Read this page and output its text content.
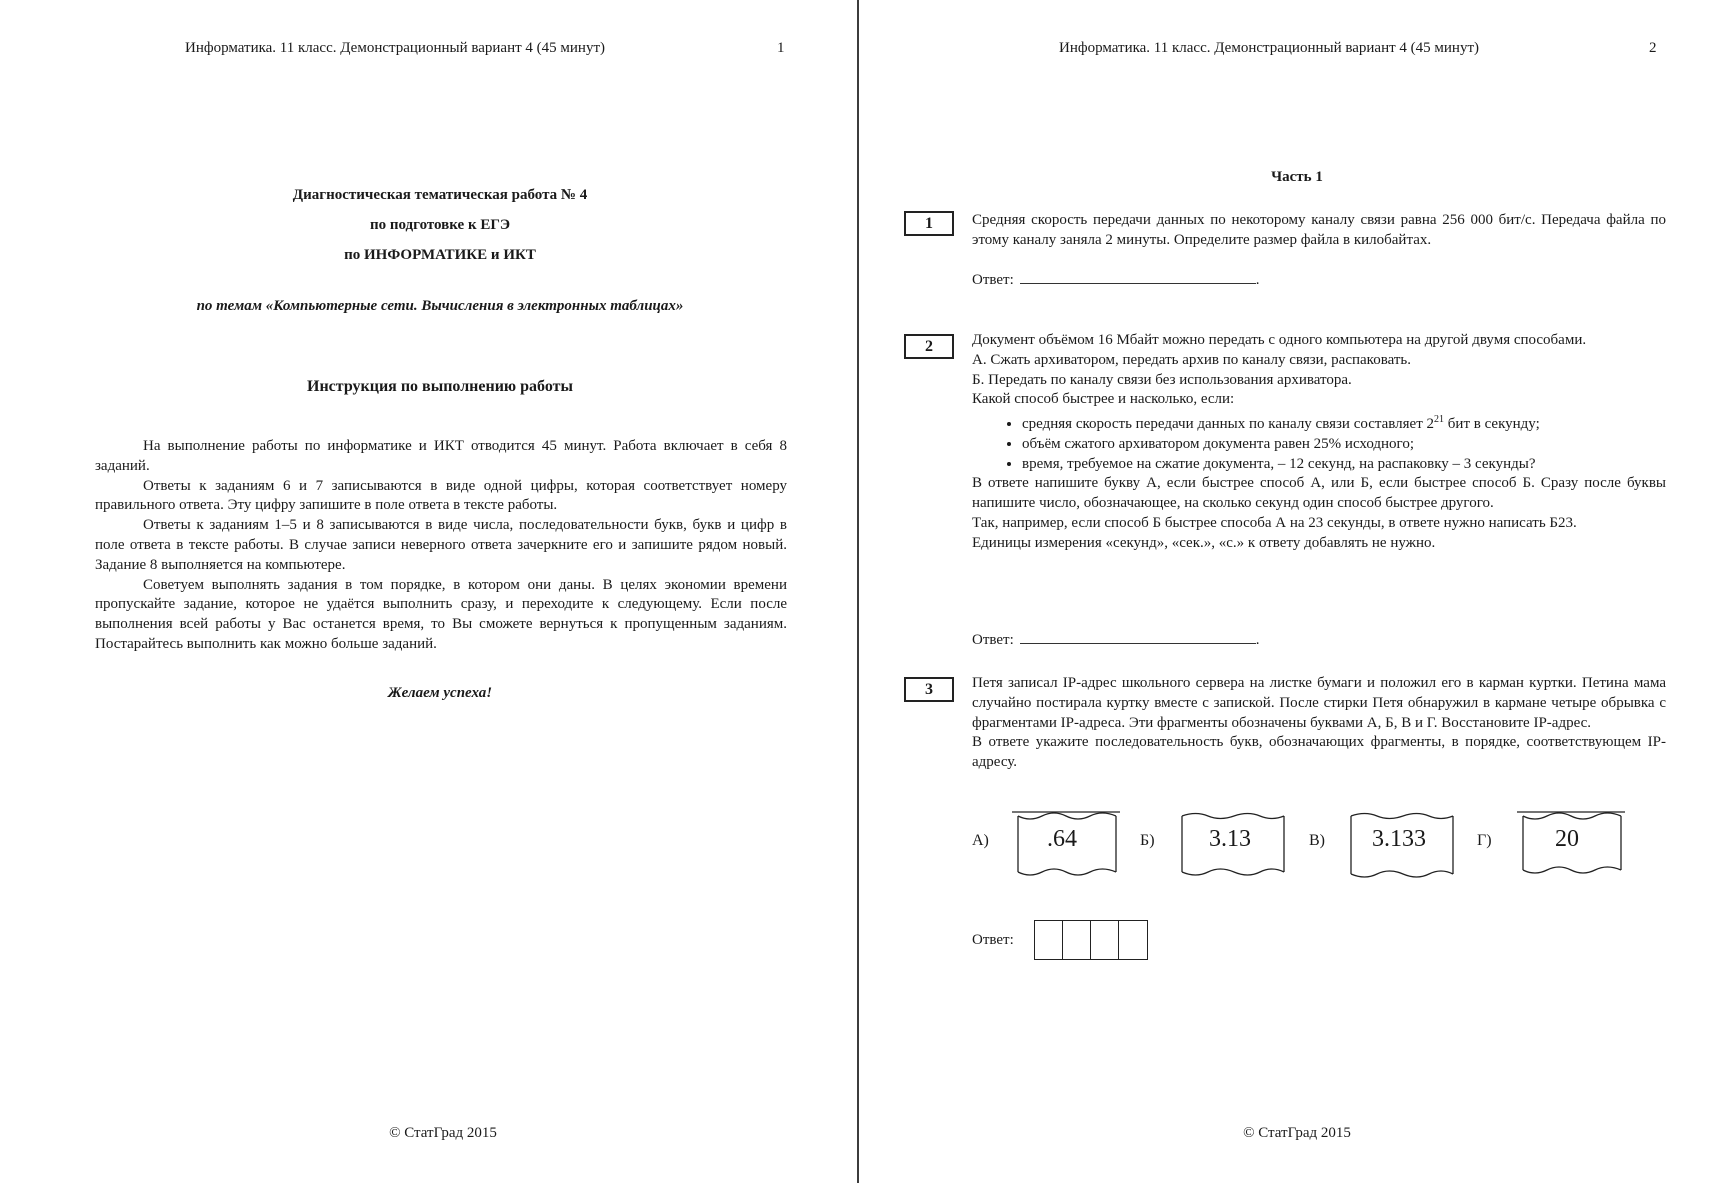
Информатика. 11 класс. Демонстрационный вариант 4 (45 минут)	1
Диагностическая тематическая работа № 4
по подготовке к ЕГЭ
по ИНФОРМАТИКЕ и ИКТ
по темам «Компьютерные сети. Вычисления в электронных таблицах»
Инструкция по выполнению работы

На выполнение работы по информатике и ИКТ отводится 45 минут. Работа включает в себя 8 заданий.

Ответы к заданиям 6 и 7 записываются в виде одной цифры, которая соответствует номеру правильного ответа. Эту цифру запишите в поле ответа в тексте работы.

Ответы к заданиям 1–5 и 8 записываются в виде числа, последовательности букв, букв и цифр в поле ответа в тексте работы. В случае записи неверного ответа зачеркните его и запишите рядом новый. Задание 8 выполняется на компьютере.

Советуем выполнять задания в том порядке, в котором они даны. В целях экономии времени пропускайте задание, которое не удаётся выполнить сразу, и переходите к следующему. Если после выполнения всей работы у Вас останется время, то Вы сможете вернуться к пропущенным заданиям. Постарайтесь выполнить как можно больше заданий.

Желаем успеха!
© СтатГрад 2015
Информатика. 11 класс. Демонстрационный вариант 4 (45 минут)	2
Часть 1
1	Средняя скорость передачи данных по некоторому каналу связи равна 256 000 бит/с. Передача файла по этому каналу заняла 2 минуты. Определите размер файла в килобайтах.
Ответ:	.
2	Документ объёмом 16 Мбайт можно передать с одного компьютера на другой двумя способами.

А. Сжать архиватором, передать архив по каналу связи, распаковать.

Б. Передать по каналу связи без использования архиватора.

Какой способ быстрее и насколько, если:

• средняя скорость передачи данных по каналу связи составляет $2^{21}$ бит в секунду;
• объём сжатого архиватором документа равен 25% исходного;
• время, требуемое на сжатие документа, – 12 секунд, на распаковку – 3 секунды?

В ответе напишите букву А, если быстрее способ А, или Б, если быстрее способ Б. Сразу после буквы напишите число, обозначающее, на сколько секунд один способ быстрее другого.

Так, например, если способ Б быстрее способа А на 23 секунды, в ответе нужно написать Б23.

Единицы измерения «секунд», «сек.», «с.» к ответу добавлять не нужно.

Ответ:	.
3	Петя записал IP-адрес школьного сервера на листке бумаги и положил его в карман куртки. Петина мама случайно постирала куртку вместе с запиской. После стирки Петя обнаружил в кармане четыре обрывка с фрагментами IP-адреса. Эти фрагменты обозначены буквами А, Б, В и Г. Восстановите IP-адрес.

В ответе укажите последовательность букв, обозначающих фрагменты, в порядке, соответствующем IP-адресу.

А)	.64	Б)	3.13	В)	3.133	Г)	20
Ответ:
© СтатГрад 2015
